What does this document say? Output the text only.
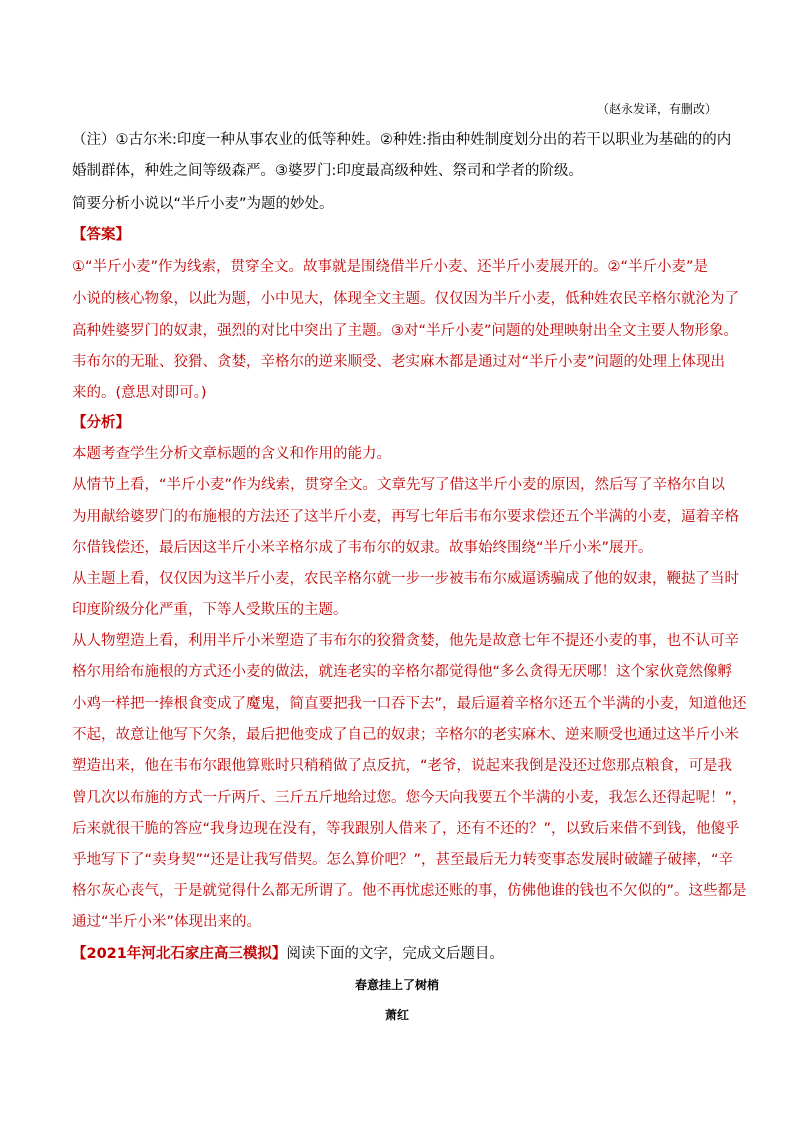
（赵永发译，有删改）
（注）①古尔米:印度一种从事农业的低等种姓。②种姓:指由种姓制度划分出的若干以职业为基础的的内
婚制群体，种姓之间等级森严。③婆罗门:印度最高级种姓、祭司和学者的阶级。
简要分析小说以“半斤小麦”为题的妙处。
【答案】
①“半斤小麦”作为线索，贯穿全文。故事就是围绕借半斤小麦、还半斤小麦展开的。②“半斤小麦”是
小说的核心物象，以此为题，小中见大，体现全文主题。仅仅因为半斤小麦，低种姓农民辛格尔就沦为了
高种姓婆罗门的奴隶，强烈的对比中突出了主题。③对“半斤小麦”问题的处理映射出全文主要人物形象。
韦布尔的无耻、狡猾、贪婪，辛格尔的逆来顺受、老实麻木都是通过对“半斤小麦”问题的处理上体现出
来的。(意思对即可。)
【分析】
本题考查学生分析文章标题的含义和作用的能力。
从情节上看，“半斤小麦”作为线索，贯穿全文。文章先写了借这半斤小麦的原因，然后写了辛格尔自以
为用献给婆罗门的布施根的方法还了这半斤小麦，再写七年后韦布尔要求偿还五个半满的小麦，逼着辛格
尔借钱偿还，最后因这半斤小米辛格尔成了韦布尔的奴隶。故事始终围绕“半斤小米”展开。
从主题上看，仅仅因为这半斤小麦，农民辛格尔就一步一步被韦布尔威逼诱骗成了他的奴隶，鞭挞了当时
印度阶级分化严重，下等人受欺压的主题。
从人物塑造上看，利用半斤小米塑造了韦布尔的狡猾贪婪，他先是故意七年不提还小麦的事，也不认可辛
格尔用给布施根的方式还小麦的做法，就连老实的辛格尔都觉得他“多么贪得无厌哪！这个家伙竟然像孵
小鸡一样把一捧根食变成了魔鬼，简直要把我一口吞下去”，最后逼着辛格尔还五个半满的小麦，知道他还
不起，故意让他写下欠条，最后把他变成了自己的奴隶；辛格尔的老实麻木、逆来顺受也通过这半斤小米
塑造出来，他在韦布尔跟他算账时只稍稍做了点反抗，“老爷，说起来我倒是没还过您那点粮食，可是我
曾几次以布施的方式一斤两斤、三斤五斤地给过您。您今天向我要五个半满的小麦，我怎么还得起呢！”，
后来就很干脆的答应“我身边现在没有，等我跟别人借来了，还有不还的？”，以致后来借不到钱，他傻乎
乎地写下了“卖身契”“还是让我写借契。怎么算价吧？”，甚至最后无力转变事态发展时破罐子破摔，“辛
格尔灰心丧气，于是就觉得什么都无所谓了。他不再忧虑还账的事，仿佛他谁的钱也不欠似的”。这些都是
通过“半斤小米”体现出来的。
【2021年河北石家庄高三模拟】阅读下面的文字，完成文后题目。
春意挂上了树梢
萧红
